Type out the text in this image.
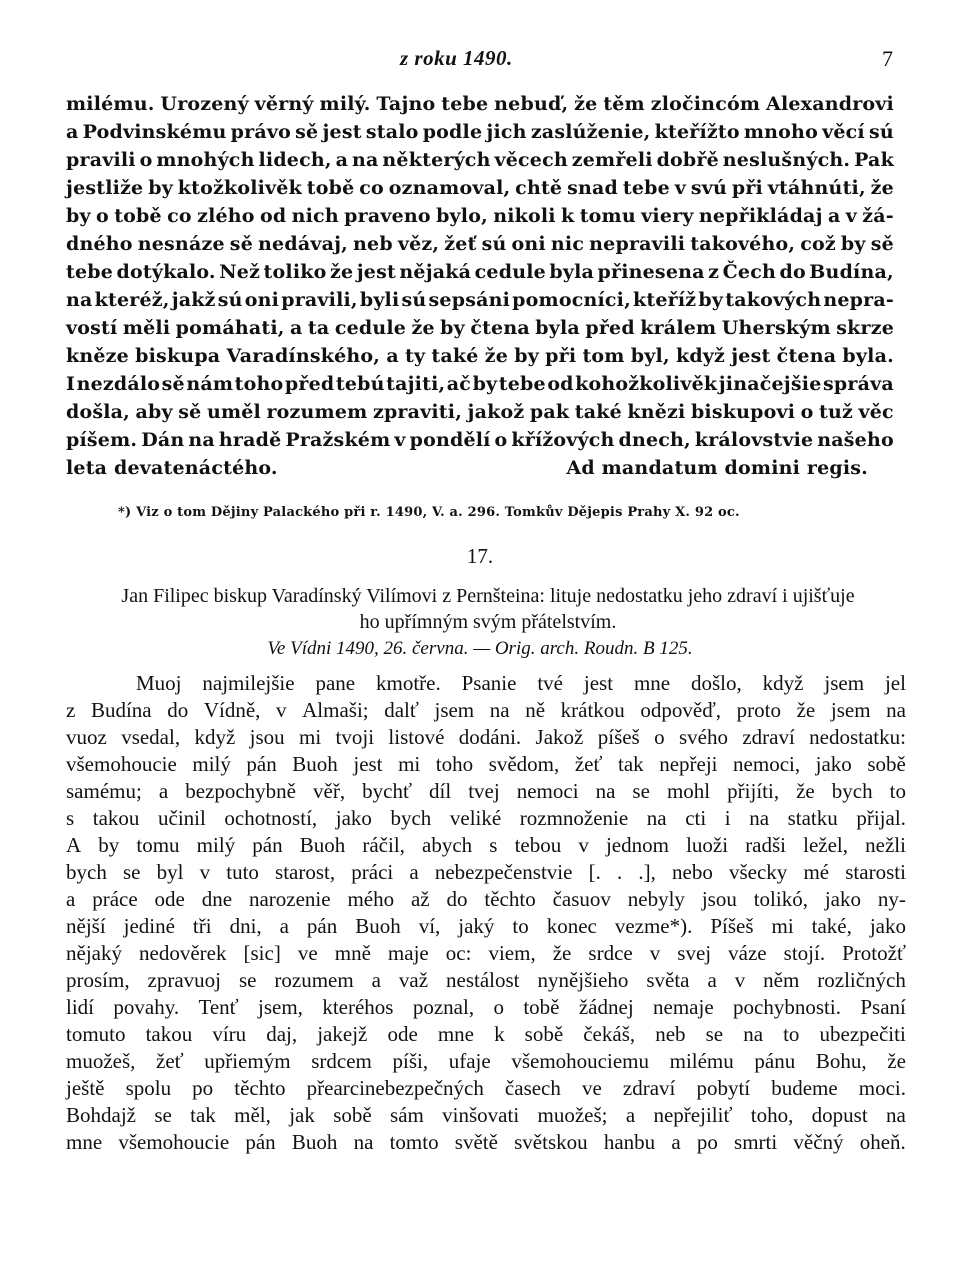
z roku 1490.	7
milému. Urozený věrný milý. Tajno tebe nebuď, že těm zločincóm Alexandrovi
a Podvinskému právo sě jest stalo podle jich zaslúženie, kteřížto mnoho věcí sú
pravili o mnohých lidech, a na některých věcech zemřeli dobřě neslušných. Pak
jestliže by ktožkolivěk tobě co oznamoval, chtě snad tebe v svú při vtáhnúti, že
by o tobě co zlého od nich praveno bylo, nikoli k tomu viery nepřikládaj a v žá-
dného nesnáze sě nedávaj, neb věz, žeť sú oni nic nepravili takového, což by sě
tebe dotýkalo. Než toliko že jest nějaká cedule byla přinesena z Čech do Budína,
na kteréž, jakž sú oni pravili, byli sú sepsáni pomocníci, kteříž by takových nepra-
vostí měli pomáhati, a ta cedule že by čtena byla před králem Uherským skrze
kněze biskupa Varadínského, a ty také že by při tom byl, když jest čtena byla.
I nezdálo sě nám toho před tebú tajiti, ač by tebe od kohožkolivěk jinačejšie správa
došla, aby sě uměl rozumem zpraviti, jakož pak také knězi biskupovi o tuž věc
píšem. Dán na hradě Pražském v pondělí o křížových dnech, královstvie našeho
leta devatenáctého.	Ad mandatum domini regis.
*) Viz o tom Dějiny Palackého při r. 1490, V. a. 296. Tomkův Dějepis Prahy X. 92 oc.
17.
Jan Filipec biskup Varadínský Vilímovi z Pernšteina: lituje nedostatku jeho zdraví i ujišťuje
ho upřímným svým přátelstvím.
Ve Vídni 1490, 26. června. — Orig. arch. Roudn. B 125.
Muoj najmilejšie pane kmotře. Psanie tvé jest mne došlo, když jsem jel
z Budína do Vídně, v Almaši; dalť jsem na ně krátkou odpověď, proto že jsem na
vuoz vsedal, když jsou mi tvoji listové dodáni. Jakož píšeš o svého zdraví nedostatku:
všemohoucie milý pán Buoh jest mi toho svědom, žeť tak nepřeji nemoci, jako sobě
samému; a bezpochybně věř, bychť díl tvej nemoci na se mohl přijíti, že bych to
s takou učinil ochotností, jako bych veliké rozmnoženie na cti i na statku přijal.
A by tomu milý pán Buoh ráčil, abych s tebou v jednom luoži radši ležel, nežli
bych se byl v tuto starost, práci a nebezpečenstvie [. . .], nebo všecky mé starosti
a práce ode dne narozenie mého až do těchto časuov nebyly jsou tolikó, jako ny-
nější jediné tři dni, a pán Buoh ví, jaký to konec vezme*). Píšeš mi také, jako
nějaký nedověrek [sic] ve mně maje oc: viem, že srdce v svej váze stojí. Protožť
prosím, zpravuoj se rozumem a važ nestálost nynějšieho světa a v něm rozličných
lidí povahy. Tenť jsem, kteréhos poznal, o tobě žádnej nemaje pochybnosti. Psaní
tomuto takou víru daj, jakejž ode mne k sobě čekáš, neb se na to ubezpečiti
muožeš, žeť upřiemým srdcem píši, ufaje všemohouciemu milému pánu Bohu, že
ještě spolu po těchto přearcinebezpečných časech ve zdraví pobytí budeme moci.
Bohdajž se tak měl, jak sobě sám vinšovati muožeš; a nepřejiliť toho, dopust na
mne všemohoucie pán Buoh na tomto světě světskou hanbu a po smrti věčný oheň.
